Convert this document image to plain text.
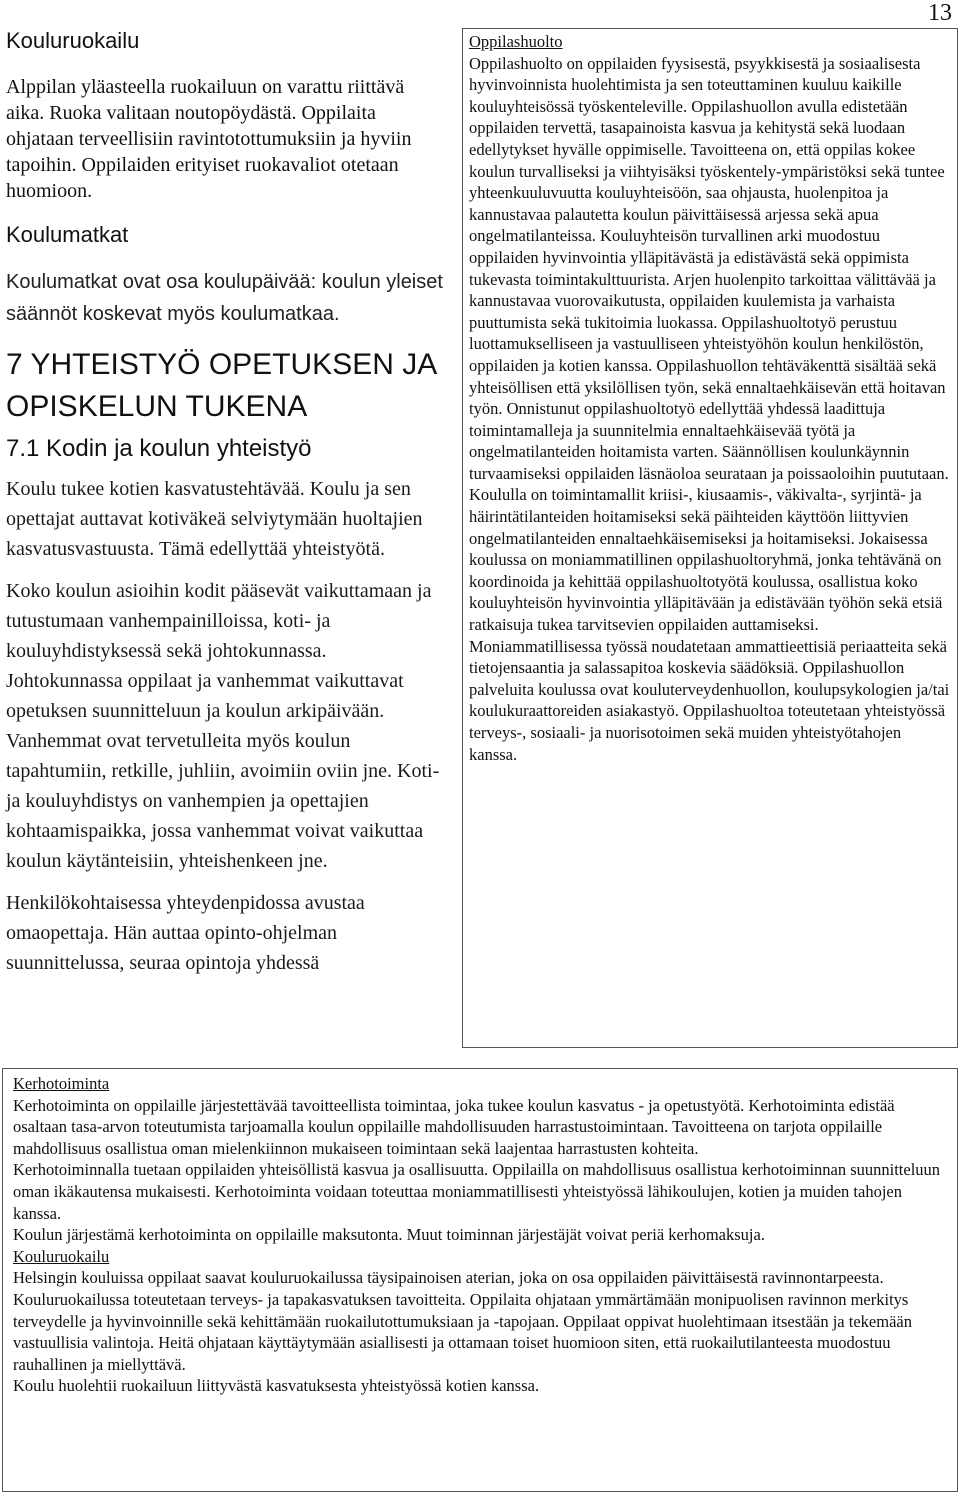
13

Kouluruokailu

Alppilan yläasteella ruokailuun on varattu riittävä aika. Ruoka valitaan noutopöydästä. Oppilaita ohjataan terveellisiin ravintotottumuksiin ja hyviin tapoihin. Oppilaiden erityiset ruokavaliot otetaan huomioon.

Koulumatkat

Koulumatkat ovat osa koulupäivää: koulun yleiset säännöt koskevat myös koulumatkaa.

7 YHTEISTYÖ OPETUKSEN JA OPISKELUN TUKENA
7.1 Kodin ja koulun yhteistyö

Koulu tukee kotien kasvatustehtävää. Koulu ja sen opettajat auttavat kotiväkeä selviytymään huoltajien kasvatusvastuusta. Tämä edellyttää yhteistyötä.

Koko koulun asioihin kodit pääsevät vaikuttamaan ja tutustumaan vanhempainilloissa, koti- ja kouluyhdistyksessä sekä johtokunnassa. Johtokunnassa oppilaat ja vanhemmat vaikuttavat opetuksen suunnitteluun ja koulun arkipäivään. Vanhemmat ovat tervetulleita myös koulun tapahtumiin, retkille, juhliin, avoimiin oviin jne. Koti- ja kouluyhdistys on vanhempien ja opettajien kohtaamispaikka, jossa vanhemmat voivat vaikuttaa koulun käytänteisiin, yhteishenkeen jne.

Henkilökohtaisessa yhteydenpidossa avustaa omaopettaja. Hän auttaa opinto-ohjelman suunnittelussa, seuraa opintoja yhdessä

Oppilashuolto

Oppilashuolto on oppilaiden fyysisestä, psyykkisestä ja sosiaalisesta hyvinvoinnista huolehtimista ja sen toteuttaminen kuuluu kaikille kouluyhteisössä työskenteleville. Oppilashuollon avulla edistetään oppilaiden tervettä, tasapainoista kasvua ja kehitystä sekä luodaan edellytykset hyvälle oppimiselle. Tavoitteena on, että oppilas kokee koulun turvalliseksi ja viihtyisäksi työskentely-ympäristöksi sekä tuntee yhteenkuuluvuutta kouluyhteisöön, saa ohjausta, huolenpitoa ja kannustavaa palautetta koulun päivittäisessä arjessa sekä apua ongelmatilanteissa. Kouluyhteisön turvallinen arki muodostuu oppilaiden hyvinvointia ylläpitävästä ja edistävästä sekä oppimista tukevasta toimintakulttuurista. Arjen huolenpito tarkoittaa välittävää ja kannustavaa vuorovaikutusta, oppilaiden kuulemista ja varhaista puuttumista sekä tukitoimia luokassa. Oppilashuoltotyö perustuu luottamukselliseen ja vastuulliseen yhteistyöhön koulun henkilöstön, oppilaiden ja kotien kanssa. Oppilashuollon tehtäväkenttä sisältää sekä yhteisöllisen että yksilöllisen työn, sekä ennaltaehkäisevän että hoitavan työn. Onnistunut oppilashuoltotyö edellyttää yhdessä laadittuja toimintamalleja ja suunnitelmia ennaltaehkäisevää työtä ja ongelmatilanteiden hoitamista varten. Säännöllisen koulunkäynnin turvaamiseksi oppilaiden läsnäoloa seurataan ja poissaoloihin puututaan. Koululla on toimintamallit kriisi-, kiusaamis-, väkivalta-, syrjintä- ja häirintätilanteiden hoitamiseksi sekä päihteiden käyttöön liittyvien ongelmatilanteiden ennaltaehkäisemiseksi ja hoitamiseksi. Jokaisessa koulussa on moniammatillinen oppilashuoltoryhmä, jonka tehtävänä on koordinoida ja kehittää oppilashuoltotyötä koulussa, osallistua koko kouluyhteisön hyvinvointia ylläpitävään ja edistävään työhön sekä etsiä ratkaisuja tukea tarvitsevien oppilaiden auttamiseksi. Moniammatillisessa työssä noudatetaan ammattieettisiä periaatteita sekä tietojensaantia ja salassapitoa koskevia säädöksiä. Oppilashuollon palveluita koulussa ovat kouluterveydenhuollon, koulupsykologien ja/tai koulukuraattoreiden asiakastyö. Oppilashuoltoa toteutetaan yhteistyössä terveys-, sosiaali- ja nuorisotoimen sekä muiden yhteistyötahojen kanssa.

Kerhotoiminta

Kerhotoiminta on oppilaille järjestettävää tavoitteellista toimintaa, joka tukee koulun kasvatus - ja opetustyötä. Kerhotoiminta edistää osaltaan tasa-arvon toteutumista tarjoamalla koulun oppilaille mahdollisuuden harrastustoimintaan. Tavoitteena on tarjota oppilaille mahdollisuus osallistua oman mielenkiinnon mukaiseen toimintaan sekä laajentaa harrastusten kohteita.

Kerhotoiminnalla tuetaan oppilaiden yhteisöllistä kasvua ja osallisuutta. Oppilailla on mahdollisuus osallistua kerhotoiminnan suunnitteluun oman ikäkautensa mukaisesti. Kerhotoiminta voidaan toteuttaa moniammatillisesti yhteistyössä lähikoulujen, kotien ja muiden tahojen kanssa.

Koulun järjestämä kerhotoiminta on oppilaille maksutonta. Muut toiminnan järjestäjät voivat periä kerhomaksuja.

Kouluruokailu

Helsingin kouluissa oppilaat saavat kouluruokailussa täysipainoisen aterian, joka on osa oppilaiden päivittäisestä ravinnontarpeesta.

Kouluruokailussa toteutetaan terveys- ja tapakasvatuksen tavoitteita. Oppilaita ohjataan ymmärtämään monipuolisen ravinnon merkitys terveydelle ja hyvinvoinnille sekä kehittämään ruokailutottumuksiaan ja -tapojaan. Oppilaat oppivat huolehtimaan itsestään ja tekemään vastuullisia valintoja. Heitä ohjataan käyttäytymään asiallisesti ja ottamaan toiset huomioon siten, että ruokailutilanteesta muodostuu rauhallinen ja miellyttävä.

Koulu huolehtii ruokailuun liittyvästä kasvatuksesta yhteistyössä kotien kanssa.
